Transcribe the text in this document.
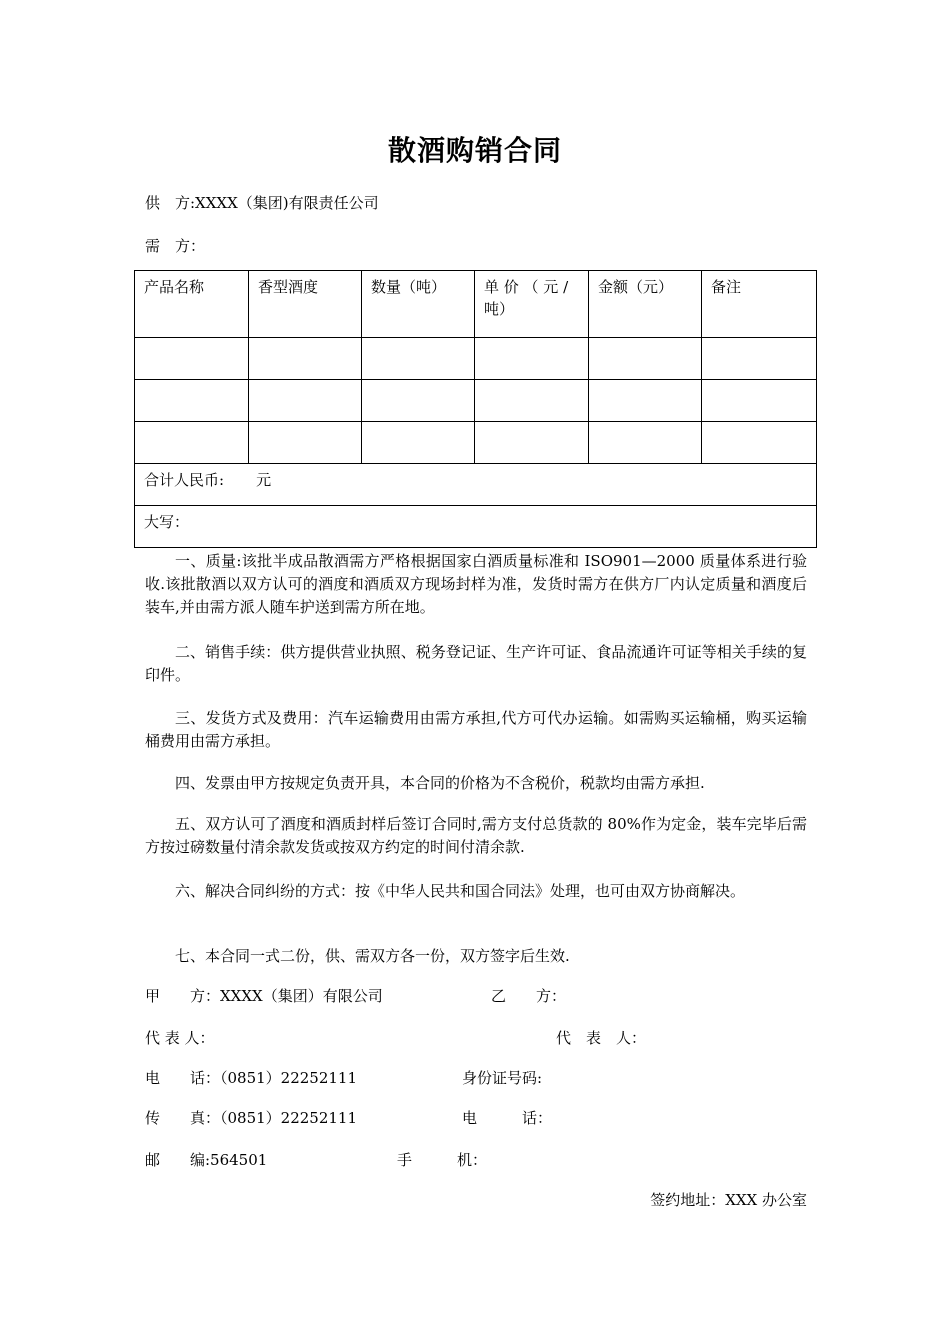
散酒购销合同
供　方:XXXX（集团)有限责任公司
需　方：
产品名称	香型酒度	数量（吨）	单 价 （ 元 / 吨）	金额（元）	备注

合计人民币: 元					
大写：					
一、质量:该批半成品散酒需方严格根据国家白酒质量标准和 ISO901—2000 质量体系进行验收.该批散酒以双方认可的酒度和酒质双方现场封样为准，发货时需方在供方厂内认定质量和酒度后装车,并由需方派人随车护送到需方所在地。
二、销售手续：供方提供营业执照、税务登记证、生产许可证、食品流通许可证等相关手续的复印件。
三、发货方式及费用：汽车运输费用由需方承担,代方可代办运输。如需购买运输桶，购买运输桶费用由需方承担。
四、发票由甲方按规定负责开具，本合同的价格为不含税价，税款均由需方承担.
五、双方认可了酒度和酒质封样后签订合同时,需方支付总货款的 80%作为定金，装车完毕后需方按过磅数量付清余款发货或按双方约定的时间付清余款.
六、解决合同纠纷的方式：按《中华人民共和国合同法》处理，也可由双方协商解决。
七、本合同一式二份，供、需双方各一份，双方签字后生效.
甲　　方：XXXX（集团）有限公司	乙　　方：
代 表 人：	代　表　人：
电　　话：（0851）22252111	身份证号码:
传　　真：（0851）22252111	电　　　话：
邮　　编:564501	手　　　机：
签约地址：XXX 办公室
